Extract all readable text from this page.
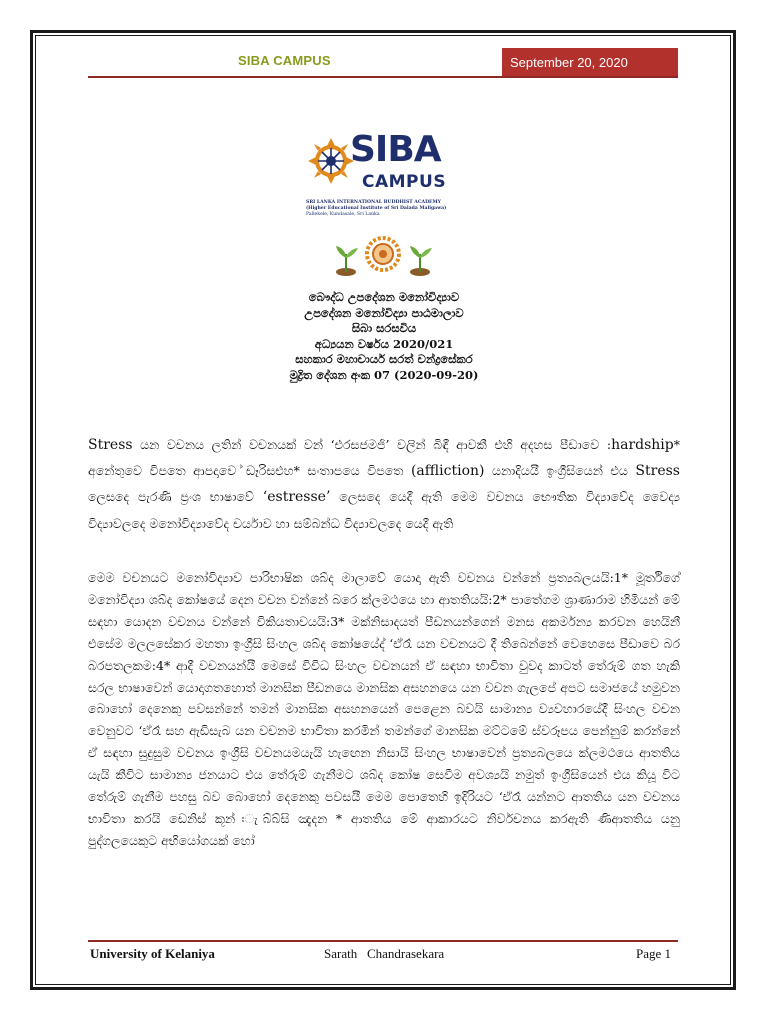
SIBA CAMPUS	September 20, 2020
SIBA
CAMPUS
SRI LANKA INTERNATIONAL BUDDHIST ACADEMY
(Higher Educational Institute of Sri Dalada Maligawa)
Pallekele, Kundasale, Sri Lanka
බෞද්ධ උපදේශන මනෝවිද්‍යාව
උපදේශන මනෝවිද්‍යා පාඨමාලාව
සිබා සරසවිය
අධ්‍යයන වර්ෂය 2020/021
සහකාර මහාචාර්ය සරත් චන්ද්‍රසේකර
මුද්‍රිත දේශන අංක 07 (2020-09-20)
Stress යන වචනය ලතින් වචනයක් වන් ‘එරසජමජි’ වලින් බිඳී ආවකී එහි අදහස පීඩාවෙ :hardship* අනේතුවෙ විපතෙ ආපදාවෙ ්ඩෑරිසඑහ* සංතාපයෙ විපතෙ (affliction) යනාදියයී ඉංග්‍රීසියෙන් එය Stress ලෙසද‍ෙ පැරණි ප්‍රංශ භාෂාවේ ‘estresse’ ලෙසද‍ෙ යෙදී ඇති මෙම වචනය භෞතික විද්‍යාවේද වෛද්‍ය විද්‍යාවලද‍ෙ මනෝවිද්‍යාවේද චර්යාව හා සම්බන්ධ විද්‍යාවලද‍ෙ යෙදී ඇති
මෙම වචනයට මනෝවිද්‍යාව පාරිභාෂික ශබ්ද මාලාවේ යොදා ඇති වචනය වන්නේ ප්‍රත්‍යබලයයි:1* මූර්තිගේ මනෝවිද්‍යා ශබ්ද කෝෂයේ දෙන වචන වන්නේ බරෙ ක්ලමථයෙ හා ආතතියයි:2* පාතේගම ශ්‍රාණාරාම හිමියන් මේ සඳහා යොදන වචනය වන්නේ විකියතාවයයි:3* මක්නිසාදයත් පීඩනයන්ගෙන් මනස අකර්මන්‍ය කරවන හෙයිනී එසේම මලලසේකර මහතා ඉංග්‍රීසි සිංහල ශබ්ද කෝෂයේද් ‘ඒරෑ යන වචනයට දී තිබෙන්නේ වෙහෙසෙ පීඩාවෙ බර බරපතලකම:4* ආදී වචනයන්යී මෙසේ විවිධ සිංහල වචනයන් ඒ සඳහා භාවිතා වුවද කාටත් තේරුම් ගත හැකි සරල භාෂාවෙන් යොදාගතහොත් මානසික පීඩනයෙ මානසික අසහනයෙ යන වචන ගැලපේ අපට සමාජයේ හමුවන බොහෝ දෙනෙකු පවසන්නේ තමන් මානසික අසහනයෙන් පෙළෙන බවයි සාමාන්‍ය ව්‍යවහාරයේදී සිංහල වචන වෙනුවට ‘ඒරෑ සහ ඇඩිසැබ යන වචනම භාවිතා කරමින් තමන්ගේ මානසික මට්ටමේ ස්වරූපය පෙන්නුම් කරන්නේ ඒ සඳහා සුදුසුම වචනය ඉංග්‍රීසි වචනයමයැයි හැඟෙන නිසායි සිංහල භාෂාවෙන් ප්‍රත්‍යබලයෙ ක්ලමථයෙ ආතතිය යැයි කීවිට සාමාන්‍ය ජනයාට එය තේරුම් ගැනීමට ශබ්ද කෝෂ සෙවීම අවශ්‍යයි නමුත් ඉංග්‍රීසියෙන් එය කියූ විට තේරුම් ගැනීම පහසු බව බොහෝ දෙනෙකු පවසයී මෙම පොතෙහි ඉදිරියට ‘ඒරෑ යන්නට ආතතිය යන වචනය භාවිතා කරයි ඩෙනිස් කූන් ඃැබ්බ්සි ඤැදන * ආතතිය මේ ආකාරයට නිර්වචනය කරඇති ණිආතතිය යනු පුද්ගලයෙකුට අභියෝගයක් හෝ
University of Kelaniya	Sarath   Chandrasekara	Page 1
